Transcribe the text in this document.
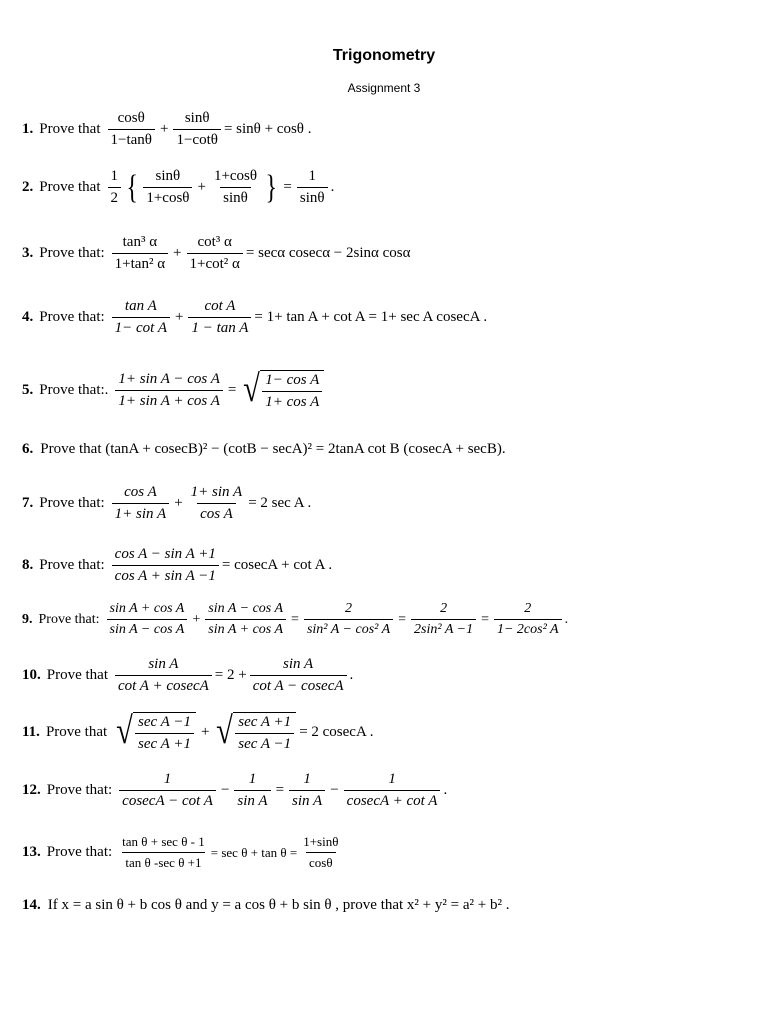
Trigonometry
Assignment 3
1. Prove that $\frac{\cos\theta}{1-\tan\theta} + \frac{\sin\theta}{1-\cot\theta} = \sin\theta + \cos\theta$ .
2. Prove that $\frac{1}{2}$ { $\frac{\sin\theta}{1+\cos\theta} + \frac{1+\cos\theta}{\sin\theta}$ } = $\frac{1}{\sin\theta}$ .
3. Prove that: $\frac{\text{tan³ α}}{\text{1+tan² α}} + \frac{\text{cot³ α}}{\text{1+cot² α}} = \sec\alpha$ cosecα − 2sinα cosα
4. Prove that: $\frac{\text{tan A}}{\text{1− cot A}} + \frac{\text{cot A}}{\text{1 − tan A}} = 1+ \tan A + \cot A = 1+ \sec A$ cosecA .
5. Prove that:. $\frac{\text{1+ sin A − cos A}}{\text{1+ sin A + cos A}}$ = √ $\frac{\text{1− cos A}}{\text{1+ cos A}}$
6. Prove that (tanA + cosecB)² − (cotB − secA)² = 2tanA cot B (cosecA + secB).
7. Prove that: $\frac{\text{cos A}}{\text{1+ sin A}} + \frac{\text{1+ sin A}}{\text{cos A}} = 2$ sec A .
8. Prove that: $\frac{\text{cos A − sin A +1}}{\text{cos A + sin A −1}} = cosecA + \cot A$ .
9. Prove that: $\frac{\text{sin A + cos A}}{\text{sin A − cos A}} + \frac{\text{sin A − cos A}}{\text{sin A + cos A}} = \frac{2}{\text{sin² A − cos² A}} = \frac{2}{\text{2sin² A −1}} = \frac{2}{\text{1− 2cos² A}}$ .
10. Prove that $\frac{\text{sin A}}{\text{cot A + cosecA}} = 2 + \frac{\text{sin A}}{\text{cot A − cosecA}}$ .
11. Prove that √ $\frac{\text{sec A −1}}{\text{sec A +1}}$ + √ $\frac{\text{sec A +1}}{\text{sec A −1}} = 2$ cosecA .
12. Prove that: $\frac{1}{\text{cosecA − cot A}} - \frac{1}{\text{sin A}} = \frac{1}{\text{sin A}} - \frac{1}{\text{cosecA + cot A}}$ .
13. Prove that: $\frac{\text{tan θ + sec θ - 1}}{\text{tan θ -sec θ +1}} = \sec \theta + \tan \theta = \frac{1+\sin\theta}{\cos\theta}$
14. If x = a sin θ + b cos θ and y = a cos θ + b sin θ , prove that x² + y² = a² + b² .
